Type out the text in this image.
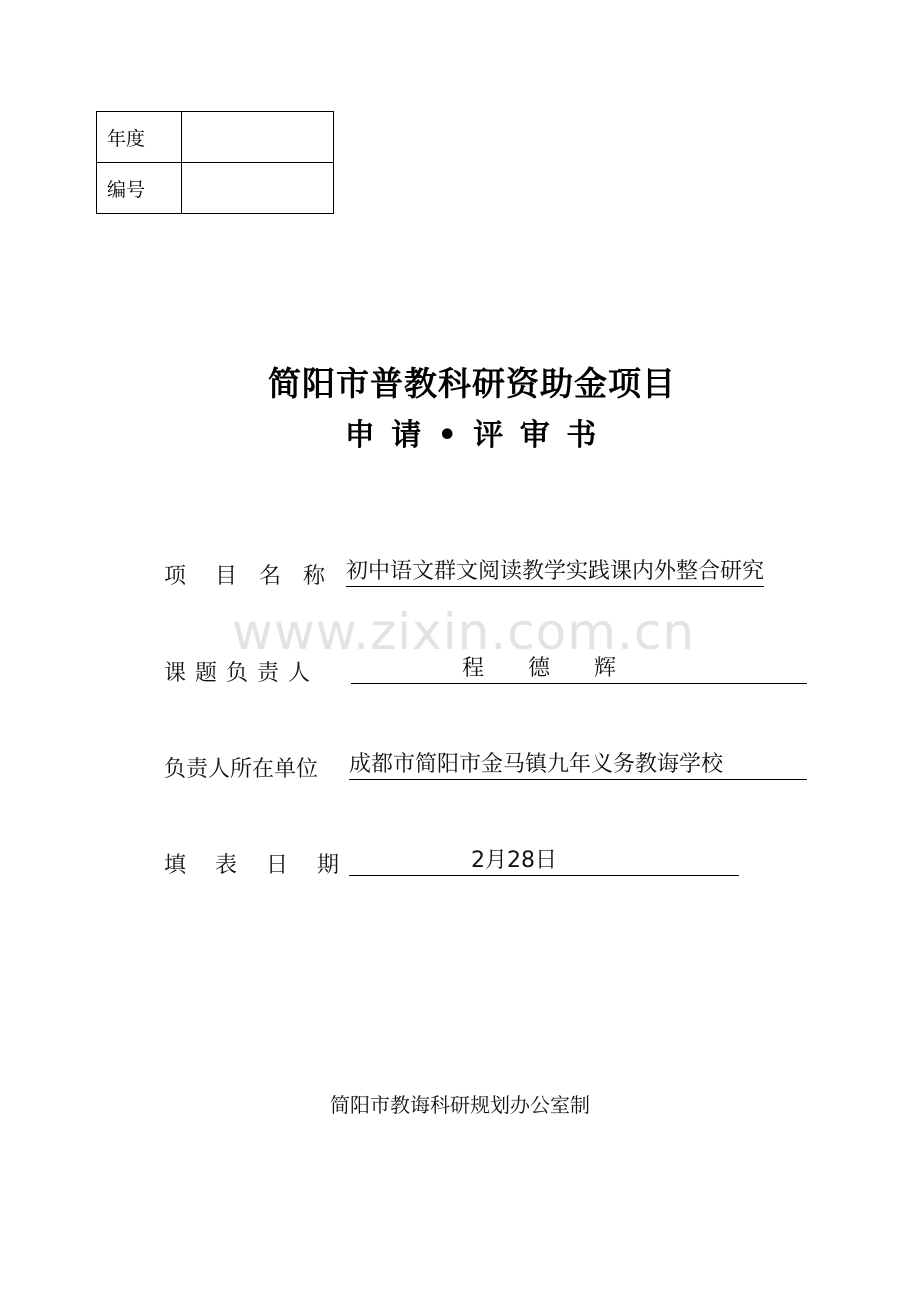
年度	
编号	
简阳市普教科研资助金项目
申 请 • 评 审 书
www.zixin.com.cn
项　 目　名　称 初中语文群文阅读教学实践课内外整合研究
课 题 负 责 人	程　　德　　辉
负责人所在单位 成都市简阳市金马镇九年义务教诲学校
填　 表　 日　 期	2月28日
简阳市教诲科研规划办公室制
